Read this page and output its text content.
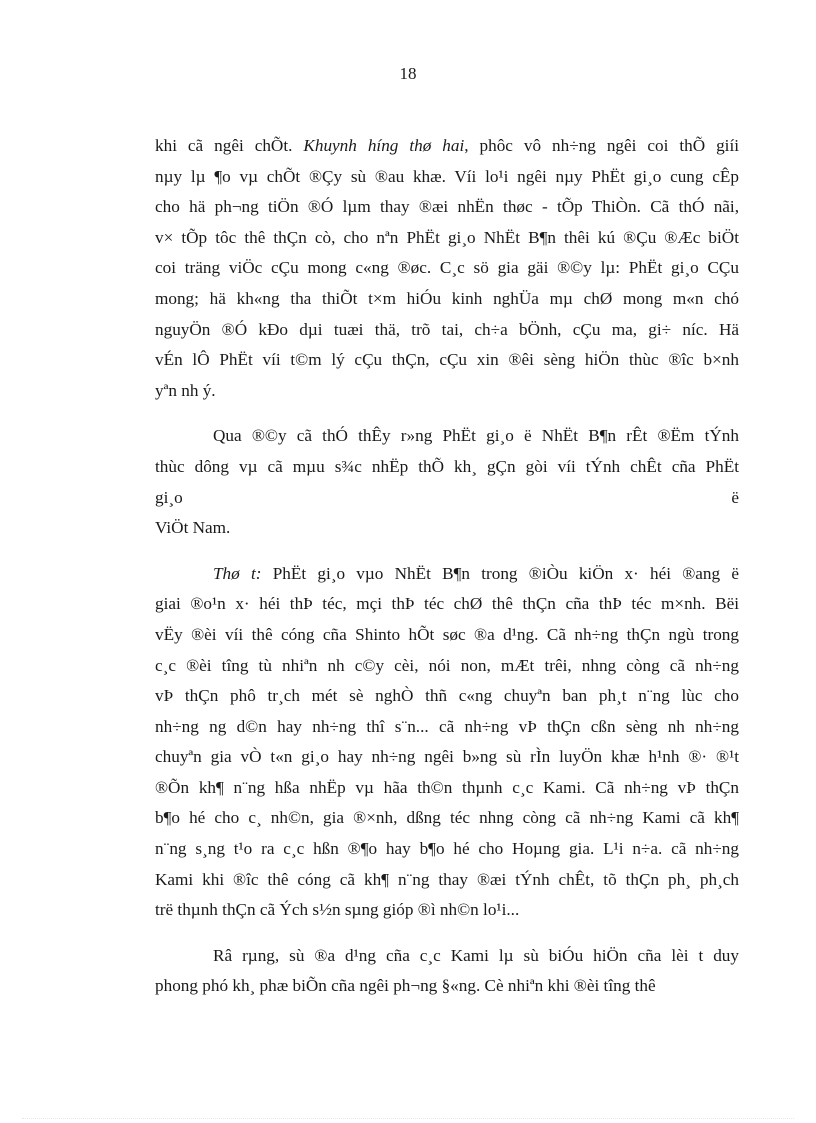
18

khi cã ngêi chÕt. Khuynh híng thø hai, phôc vô nh÷ng ngêi coi thÕ giíi
nµy lµ ¶o vµ chÕt ®Çy sù ®au khæ. Víi lo¹i ngêi nµy PhËt gi¸o cung cÊp
cho hä ph¬ng tiÖn ®Ó lµm thay ®æi nhËn thøc - tÕp ThiÒn. Cã thÓ nãi,
v× tÕp tôc thê thÇn cò, cho nªn PhËt gi¸o NhËt B¶n thêi kú ®Çu ®Æc biÖt
coi träng viÖc cÇu mong c«ng ®øc. C¸c sö gia gäi ®©y lµ: PhËt gi¸o CÇu
mong; hä kh«ng tha thiÕt t×m hiÓu kinh nghÜa mµ chØ mong m«n chó
nguyÖn ®Ó kÐo dµi tuæi thä, trõ tai, ch÷a bÖnh, cÇu ma, gi÷ níc. Hä
vÉn lÔ PhËt víi t©m lý cÇu thÇn, cÇu xin ®êi sèng hiÖn thùc ®îc b×nh
yªn nh ý.

Qua ®©y cã thÓ thÊy r»ng PhËt gi¸o ë NhËt B¶n rÊt ®Ëm tÝnh
thùc dông vµ cã mµu s¾c nhËp thÕ kh¸ gÇn gòi víi tÝnh chÊt cña PhËt
gi¸o ë
ViÖt Nam.

Thø t: PhËt gi¸o vµo NhËt B¶n trong ®iÒu kiÖn x· héi ®ang ë
giai ®o¹n x· héi thÞ téc, mçi thÞ téc chØ thê thÇn cña thÞ téc m×nh. Bëi
vËy ®èi víi thê cóng cña Shinto hÕt søc ®a d¹ng. Cã nh÷ng thÇn ngù trong
c¸c ®èi tîng tù nhiªn nh c©y cèi, nói non, mÆt trêi, nhng còng cã nh÷ng
vÞ thÇn phô tr¸ch mét sè nghÒ thñ c«ng chuyªn ban ph¸t n¨ng lùc cho
nh÷ng ng d©n hay nh÷ng thî s¨n... cã nh÷ng vÞ thÇn cßn sèng nh nh÷ng
chuyªn gia vÒ t«n gi¸o hay nh÷ng ngêi b»ng sù rÌn luyÖn khæ h¹nh ®· ®¹t
®Õn kh¶ n¨ng hßa nhËp vµ hãa th©n thµnh c¸c Kami. Cã nh÷ng vÞ thÇn
b¶o hé cho c¸ nh©n, gia ®×nh, dßng téc nhng còng cã nh÷ng Kami cã kh¶
n¨ng s¸ng t¹o ra c¸c hßn ®¶o hay b¶o hé cho Hoµng gia. L¹i n÷a. cã nh÷ng
Kami khi ®îc thê cóng cã kh¶ n¨ng thay ®æi tÝnh chÊt, tõ thÇn ph¸ ph¸ch
trë thµnh thÇn cã Ých s½n sµng gióp ®ì nh©n lo¹i...

Râ rµng, sù ®a d¹ng cña c¸c Kami lµ sù biÓu hiÖn cña lèi t duy
phong phó kh¸ phæ biÕn cña ngêi ph¬ng §«ng. Cè nhiªn khi ®èi tîng thê
